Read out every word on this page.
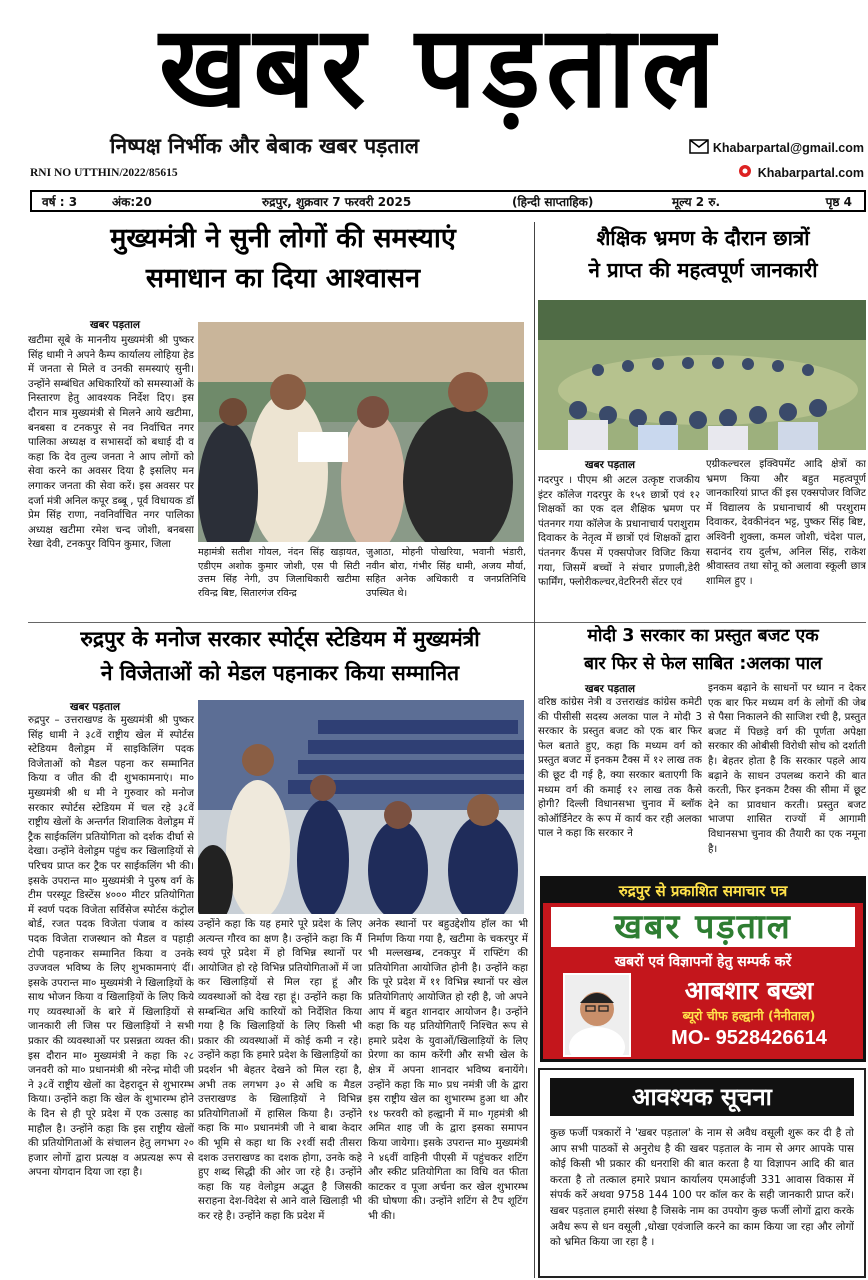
खबर पड़ताल
निष्पक्ष निर्भीक और बेबाक खबर पड़ताल	Khabarpartal@gmail.com
Khabarpartal.com
RNI NO UTTHIN/2022/85615
वर्ष : 3	अंक:20	रुद्रपुर, शुक्रवार 7 फरवरी 2025	(हिन्दी साप्ताहिक)	मूल्य 2 रु.	पृष्ठ 4
मुख्यमंत्री ने सुनी लोगों की समस्याएं
समाधान का दिया आश्वासन
खबर पड़ताल
खटीमा सूबे के माननीय मुख्यमंत्री श्री पुष्कर सिंह धामी ने अपने कैम्प कार्यालय लोहिया हेड में जनता से मिले व उनकी समस्याएं सुनी। उन्होंने सम्बंधित अधिकारियों को समस्याओं के निस्तारण हेतु आवश्यक निर्देश दिए। इस दौरान मात्र मुख्यमंत्री से मिलने आये खटीमा, बनबसा व टनकपुर से नव निर्वाचित नगर पालिका अध्यक्ष व सभासदों को बधाई दी व कहा कि देव तुल्य जनता ने आप लोगों को सेवा करने का अवसर दिया है इसलिए मन लगाकर जनता की सेवा करें। इस अवसर पर दर्जा मंत्री अनिल कपूर डब्बू , पूर्व विधायक डॉ प्रेम सिंह राणा, नवनिर्वाचित नगर पालिका अध्यक्ष खटीमा रमेश चन्द जोशी, बनबसा रेखा देवी, टनकपुर विपिन कुमार, जिला
महामंत्री सतीश गोयल, नंदन सिंह खड़ायत, एडीएम अशोक कुमार जोशी, एस पी सिटी उत्तम सिंह नेगी, उप जिलाधिकारी खटीमा रविन्द्र बिष्ट, सितारगंज रविन्द्र
जुआठा, मोहनी पोखरिया, भवानी भंडारी, नवीन बोरा, गंभीर सिंह धामी, अजय मौर्या, सहित अनेक अधिकारी व जनप्रतिनिधि उपस्थित थे।
शैक्षिक भ्रमण के दौरान छात्रों
ने प्राप्त की महत्वपूर्ण जानकारी
खबर पड़ताल
गदरपुर । पीएम श्री अटल उत्कृष्ट राजकीय इंटर कॉलेज गदरपुर के १५१ छात्रों एवं १२ शिक्षकों का एक दल शैक्षिक भ्रमण पर पंतनगर गया कॉलेज के प्रधानाचार्य पराशुराम दिवाकर के नेतृत्व में छात्रों एवं शिक्षकों द्वारा पंतनगर कैंपस में एक्सपोजर विजिट किया गया, जिसमें बच्चों ने संचार प्रणाली,डेरी फार्मिंग, फ्लोरीकल्चर,वेटरिनरी सेंटर एवं
एग्रीकल्चरल इक्विपमेंट आदि क्षेत्रों का भ्रमण किया और बहुत महत्वपूर्ण जानकारियां प्राप्त कीं इस एक्सपोजर विजिट में विद्यालय के प्रधानाचार्य श्री परशुराम दिवाकर, देवकीनंदन भट्ट, पुष्कर सिंह बिष्ट, अश्विनी शुक्ला, कमल जोशी, चंदेश पाल, सदानंद राय दुर्लभ, अनिल सिंह, राकेश श्रीवास्तव तथा सोनू को अलावा स्कूली छात्र शामिल हुए ।
रुद्रपुर के मनोज सरकार स्पोर्ट्स स्टेडियम में मुख्यमंत्री
ने विजेताओं को मेडल पहनाकर किया सम्मानित
खबर पड़ताल
रुद्रपुर – उत्तराखण्ड के मुख्यमंत्री श्री पुष्कर सिंह धामी ने ३८वें राष्ट्रीय खेल में स्पोर्टस स्टेडियम वैलोड्रम में साइकिलिंग पदक विजेताओं को मैडल पहना कर सम्मानित किया व जीत की दी शुभकामनाएं। मा० मुख्यमंत्री श्री ध मी ने गुरुवार को मनोज सरकार स्पोर्टस स्टेडियम में चल रहे ३८वें राष्ट्रीय खेलों के अन्तर्गत शिवालिक वेलोड्रम में ट्रैक साईकलिंग प्रतियोगिता को दर्शक दीर्घा से देखा। उन्होंने वेलोड्रम पहुंच कर खिलाड़ियों से परिचय प्राप्त कर ट्रैक पर साईकलिंग भी की। इसके उपरान्त मा० मुख्यमंत्री ने पुरुष वर्ग के टीम परस्यूट डिस्टेंस ४००० मीटर प्रतियोगिता में स्वर्ण पदक विजेता सर्विसेज स्पोर्टस कंट्रोल बोर्ड, रजत पदक विजेता पंजाब व कांस्य पदक विजेता राजस्थान को मैडल व पहाड़ी टोपी पहनाकर सम्मानित किया व उनके उज्जवल भविष्य के लिए शुभकामनाएं दीं। इसके उपरान्त मा० मुख्यमंत्री ने खिलाड़ियों के साथ भोजन किया व खिलाड़ियों के लिए किये गए व्यवस्थाओं के बारे में खिलाड़ियों से जानकारी ली जिस पर खिलाड़ियों ने सभी प्रकार की व्यवस्थाओं पर प्रसन्नता व्यक्त की।इस दौरान मा० मुख्यमंत्री ने कहा कि २८ जनवरी को मा० प्रधानमंत्री श्री नरेन्द्र मोदी जी ने ३८वें राष्ट्रीय खेलों का देहरादून से शुभारम्भ किया। उन्होंने कहा कि खेल के शुभारम्भ होने के दिन से ही पूरे प्रदेश में एक उत्साह का माहौल है। उन्होंने कहा कि इस राष्ट्रीय खेलों की प्रतियोगिताओं के संचालन हेतु लगभग २० हजार लोगों द्वारा प्रत्यक्ष व अप्रत्यक्ष रूप से अपना योगदान दिया जा रहा है।
उन्होंने कहा कि यह हमारे पूरे प्रदेश के लिए अत्यन्त गौरव का क्षण है। उन्होंने कहा कि मैं स्वयं पूरे प्रदेश में हो विभिन्न स्थानों पर आयोजित हो रहे विभिन्न प्रतियोगिताओं में जा कर खिलाड़ियों से मिल रहा हूं और व्यवस्थाओं को देख रहा हूं। उन्होंने कहा कि सम्बन्धित अधि कारियों को निर्देशित किया गया है कि खिलाड़ियों के लिए किसी भी प्रकार की व्यवस्थाओं में कोई कमी न रहे। उन्होंने कहा कि हमारे प्रदेश के खिलाड़ियों का प्रदर्शन भी बेहतर देखने को मिल रहा है, अभी तक लगभग ३० से अधि क मैडल उत्तराखण्ड के खिलाड़ियों ने विभिन्न प्रतियोगिताओं में हासिल किया है। उन्होंने कहा कि मा० प्रधानमंत्री जी ने बाबा केदार की भूमि से कहा था कि २१वीं सदी तीसरा दशक उत्तराखण्ड का दशक होगा, उनके कहे हुए शब्द सिद्धी की ओर जा रहे है। उन्होंने कहा कि यह वेलोड्रम अद्भुत है जिसकी सराहना देश-विदेश से आने वाले खिलाड़ी भी कर रहे है। उन्होंने कहा कि प्रदेश में
अनेक स्थानों पर बहुउद्देशीय हॉल का भी निर्माण किया गया है, खटीमा के चकरपुर में भी मल्लखम्ब, टनकपुर में राफ्टिंग की प्रतियोगिता आयोजित होनी है। उन्होंने कहा कि पूरे प्रदेश में ११ विभिन्न स्थानों पर खेल प्रतियोगिताएं आयोजित हो रही है, जो अपने आप में बहुत शानदार आयोजन है। उन्होंने कहा कि यह प्रतियोगिताएँ निश्चित रूप से हमारे प्रदेश के युवाओं/खिलाड़ियों के लिए प्रेरणा का काम करेंगी और सभी खेल के क्षेत्र में अपना शानदार भविष्य बनायेंगे। उन्होंने कहा कि मा० प्रध नमंत्री जी के द्वारा इस राष्ट्रीय खेल का शुभारम्भ हुआ था और १४ फरवरी को हल्द्वानी में मा० गृहमंत्री श्री अमित शाह जी के द्वारा इसका समापन किया जायेगा। इसके उपरान्त मा० मुख्यमंत्री ने ४६वीं वाहिनी पीएसी में पहुंचकर शटिंग और स्कीट प्रतियोगिता का विधि वत फीता काटकर व पूजा अर्चना कर खेल शुभारम्भ की घोषणा की। उन्होंने शटिंग से टैप शूटिंग भी की।
मोदी 3 सरकार का प्रस्तुत बजट एक
बार फिर से फेल साबित :अलका पाल
खबर पड़ताल
वरिष्ठ कांग्रेस नेत्री व उत्तराखंड कांग्रेस कमेटी की पीसीसी सदस्य अलका पाल ने मोदी 3 सरकार के प्रस्तुत बजट को एक बार फिर फेल बताते हुए, कहा कि मध्यम वर्ग को प्रस्तुत बजट में इनकम टैक्स में १२ लाख तक की छूट दी गई है, क्या सरकार बताएगी कि मध्यम वर्ग की कमाई १२ लाख तक कैसे होगी? दिल्ली विधानसभा चुनाव में ब्लॉक कोऑर्डिनेटर के रूप में कार्य कर रही अलका पाल ने कहा कि सरकार ने
इनकम बढ़ाने के साधनों पर ध्यान न देकर एक बार फिर मध्यम वर्ग के लोगों की जेब से पैसा निकालने की साजिश रची है, प्रस्तुत बजट में पिछड़े वर्ग की पूर्णता अपेक्षा सरकार की ओबीसी विरोधी सोच को दर्शाती है। बेहतर होता है कि सरकार पहले आय बढ़ाने के साधन उपलब्ध कराने की बात करती, फिर इनकम टैक्स की सीमा में छूट देने का प्रावधान करती। प्रस्तुत बजट भाजपा शासित राज्यों में आगामी विधानसभा चुनाव की तैयारी का एक नमूना है।
रुद्रपुर से प्रकाशित समाचार पत्र
खबर पड़ताल
खबरों एवं विज्ञापनों हेतु सम्पर्क करें
आबशार बख्श
ब्यूरो चीफ हल्द्वानी (नैनीताल)
MO- 9528426614
आवश्यक सूचना
कुछ फर्जी पत्रकारों ने 'खबर पड़ताल' के नाम से अवैध वसूली शुरू कर दी है तो आप सभी पाठकों से अनुरोध है की खबर पड़ताल के नाम से अगर आपके पास कोई किसी भी प्रकार की धनराशि की बात करता है या विज्ञापन आदि की बात करता है तो तत्काल हमारे प्रधान कार्यालय एमआईजी 331 आवास विकास में संपर्क करें अथवा 9758 144 100 पर कॉल कर के सही जानकारी प्राप्त करें। खबर पड़ताल हमारी संस्था है जिसके नाम का उपयोग कुछ फर्जी लोगों द्वारा करके अवैध रूप से धन वसूली ,धोखा एवंजालि करने का काम किया जा रहा और लोगों को भ्रमित किया जा रहा है ।
